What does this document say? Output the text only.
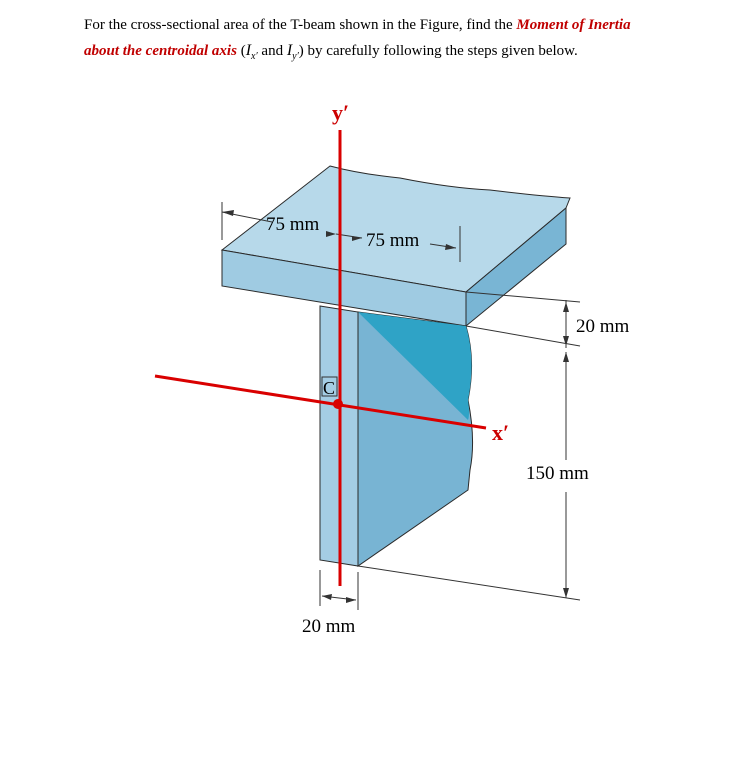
For the cross-sectional area of the T-beam shown in the Figure, find the Moment of Inertia
about the centroidal axis ($I_{x'}$ and $I_{y'}$) by carefully following the steps given below.
y′
x′
C
75 mm
75 mm
20 mm
150 mm
20 mm
